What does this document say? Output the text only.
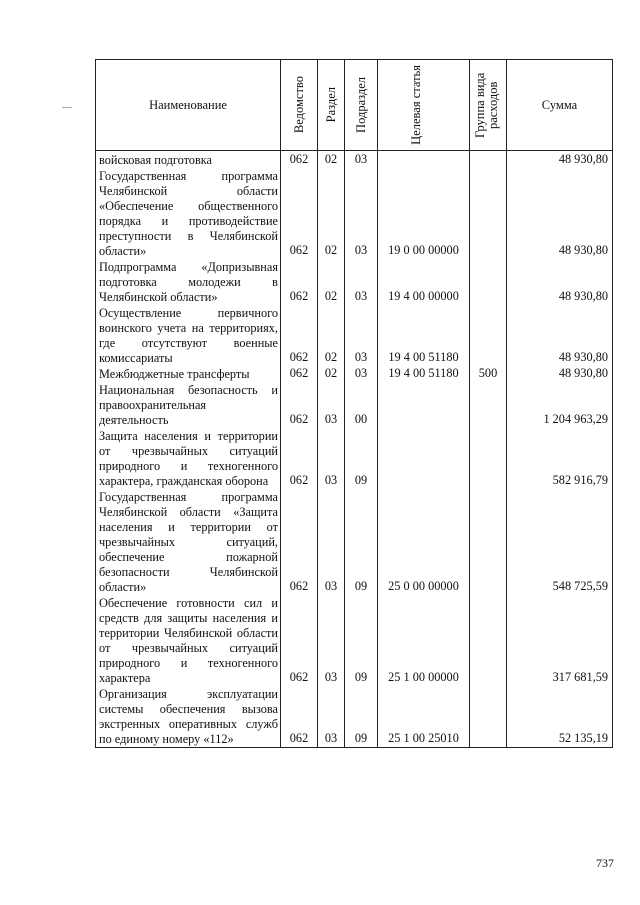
Наименование	Ведомство	Раздел	Подраздел	Целевая статья	Группа вида расходов	Сумма
войсковая подготовка	062	02	03			48 930,80
Государственная программа Челябинской области «Обеспечение общественного порядка и противодействие преступности в Челябинской области»	062	02	03	19 0 00 00000		48 930,80
Подпрограмма «Допризывная подготовка молодежи в Челябинской области»	062	02	03	19 4 00 00000		48 930,80
Осуществление первичного воинского учета на территориях, где отсутствуют военные комиссариаты	062	02	03	19 4 00 51180		48 930,80
Межбюджетные трансферты	062	02	03	19 4 00 51180	500	48 930,80
Национальная безопасность и правоохранительная деятельность	062	03	00			1 204 963,29
Защита населения и территории от чрезвычайных ситуаций природного и техногенного характера, гражданская оборона	062	03	09			582 916,79
Государственная программа Челябинской области «Защита населения и территории от чрезвычайных ситуаций, обеспечение пожарной безопасности Челябинской области»	062	03	09	25 0 00 00000		548 725,59
Обеспечение готовности сил и средств для защиты населения и территории Челябинской области от чрезвычайных ситуаций природного и техногенного характера	062	03	09	25 1 00 00000		317 681,59
Организация эксплуатации системы обеспечения вызова экстренных оперативных служб по единому номеру «112»	062	03	09	25 1 00 25010		52 135,19
737
